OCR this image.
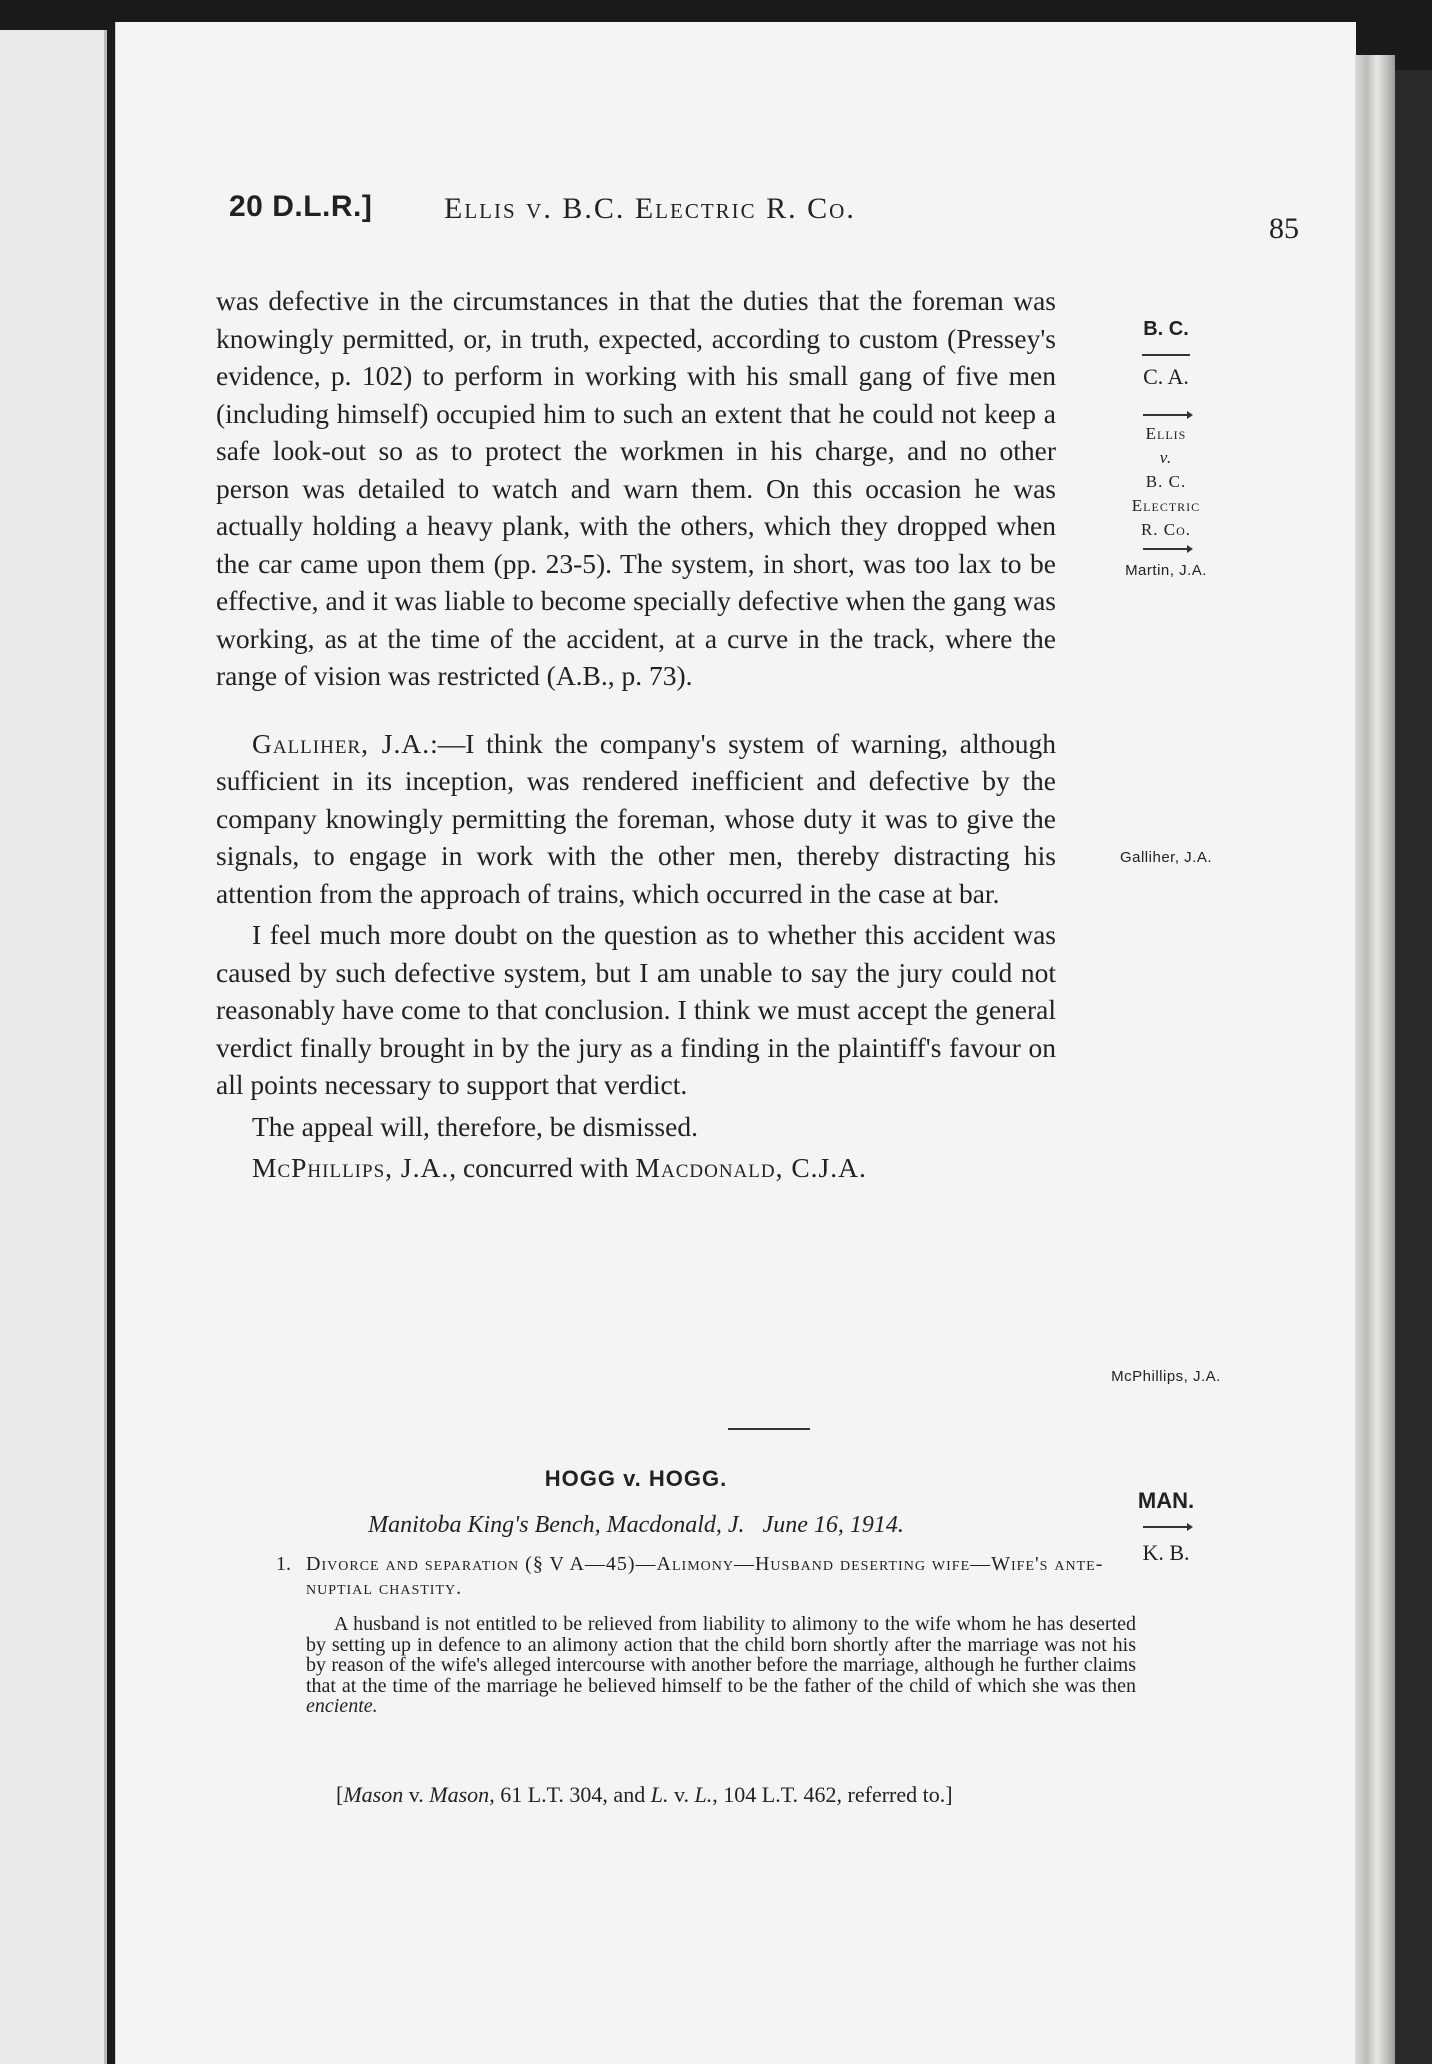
20 D.L.R.] Ellis v. B.C. Electric R. Co.
85

was defective in the circumstances in that the duties that the foreman was knowingly permitted, or, in truth, expected, according to custom (Pressey's evidence, p. 102) to perform in working with his small gang of five men (including himself) occupied him to such an extent that he could not keep a safe look-out so as to protect the workmen in his charge, and no other person was detailed to watch and warn them. On this occasion he was actually holding a heavy plank, with the others, which they dropped when the car came upon them (pp. 23-5). The system, in short, was too lax to be effective, and it was liable to become specially defective when the gang was working, as at the time of the accident, at a curve in the track, where the range of vision was restricted (A.B., p. 73).

Galliher, J.A.:—I think the company's system of warning, although sufficient in its inception, was rendered inefficient and defective by the company knowingly permitting the foreman, whose duty it was to give the signals, to engage in work with the other men, thereby distracting his attention from the approach of trains, which occurred in the case at bar.

I feel much more doubt on the question as to whether this accident was caused by such defective system, but I am unable to say the jury could not reasonably have come to that conclusion. I think we must accept the general verdict finally brought in by the jury as a finding in the plaintiff's favour on all points necessary to support that verdict.

The appeal will, therefore, be dismissed.

McPhillips, J.A., concurred with Macdonald, C.J.A.

B. C.
C. A.
Ellis
v.
B. C.
Electric
R. Co.
Martin, J.A.
Galliher, J.A.
McPhillips, J.A.
HOGG v. HOGG.
Manitoba King's Bench, Macdonald, J. June 16, 1914.
MAN.
K. B.
1. Divorce and separation (§ V A—45)—Alimony—Husband deserting wife—Wife's ante-nuptial chastity.
A husband is not entitled to be relieved from liability to alimony to the wife whom he has deserted by setting up in defence to an alimony action that the child born shortly after the marriage was not his by reason of the wife's alleged intercourse with another before the marriage, although he further claims that at the time of the marriage he believed himself to be the father of the child of which she was then enciente.
[Mason v. Mason, 61 L.T. 304, and L. v. L., 104 L.T. 462, referred to.]
